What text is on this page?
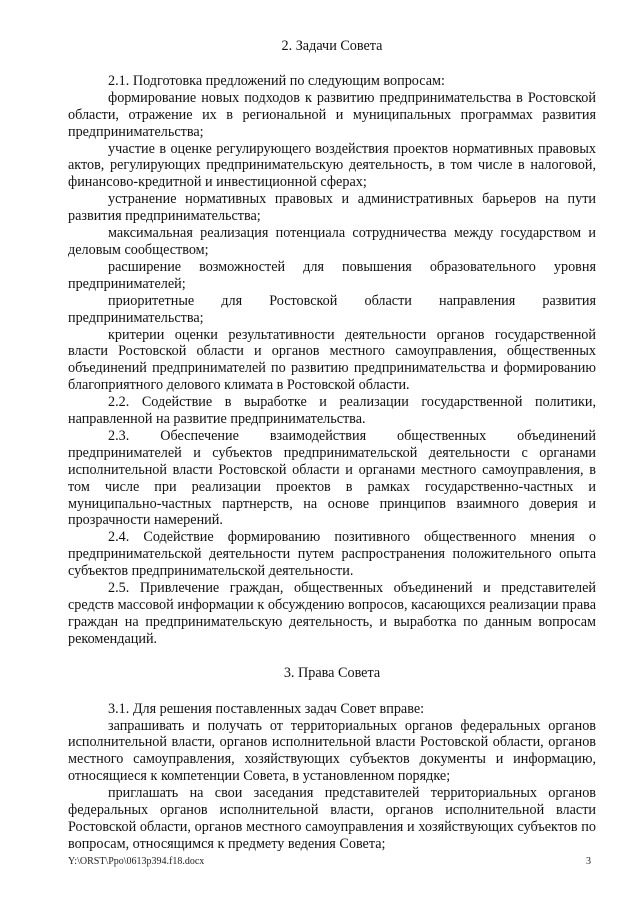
2. Задачи Совета

2.1. Подготовка предложений по следующим вопросам:

формирование новых подходов к развитию предпринимательства в Ростовской области, отражение их в региональной и муниципальных программах развития предпринимательства;

участие в оценке регулирующего воздействия проектов нормативных правовых актов, регулирующих предпринимательскую деятельность, в том числе в налоговой, финансово-кредитной и инвестиционной сферах;

устранение нормативных правовых и административных барьеров на пути развития предпринимательства;

максимальная реализация потенциала сотрудничества между государством и деловым сообществом;

расширение возможностей для повышения образовательного уровня предпринимателей;

приоритетные для Ростовской области направления развития предпринимательства;

критерии оценки результативности деятельности органов государственной власти Ростовской области и органов местного самоуправления, общественных объединений предпринимателей по развитию предпринимательства и формированию благоприятного делового климата в Ростовской области.

2.2. Содействие в выработке и реализации государственной политики, направленной на развитие предпринимательства.

2.3. Обеспечение взаимодействия общественных объединений предпринимателей и субъектов предпринимательской деятельности с органами исполнительной власти Ростовской области и органами местного самоуправления, в том числе при реализации проектов в рамках государственно-частных и муниципально-частных партнерств, на основе принципов взаимного доверия и прозрачности намерений.

2.4. Содействие формированию позитивного общественного мнения о предпринимательской деятельности путем распространения положительного опыта субъектов предпринимательской деятельности.

2.5. Привлечение граждан, общественных объединений и представителей средств массовой информации к обсуждению вопросов, касающихся реализации права граждан на предпринимательскую деятельность, и выработка по данным вопросам рекомендаций.

3. Права Совета

3.1. Для решения поставленных задач Совет вправе:

запрашивать и получать от территориальных органов федеральных органов исполнительной власти, органов исполнительной власти Ростовской области, органов местного самоуправления, хозяйствующих субъектов документы и информацию, относящиеся к компетенции Совета, в установленном порядке;

приглашать на свои заседания представителей территориальных органов федеральных органов исполнительной власти, органов исполнительной власти Ростовской области, органов местного самоуправления и хозяйствующих субъектов по вопросам, относящимся к предмету ведения Совета;

Y:\ORST\Ppo\0613p394.f18.docx	3
